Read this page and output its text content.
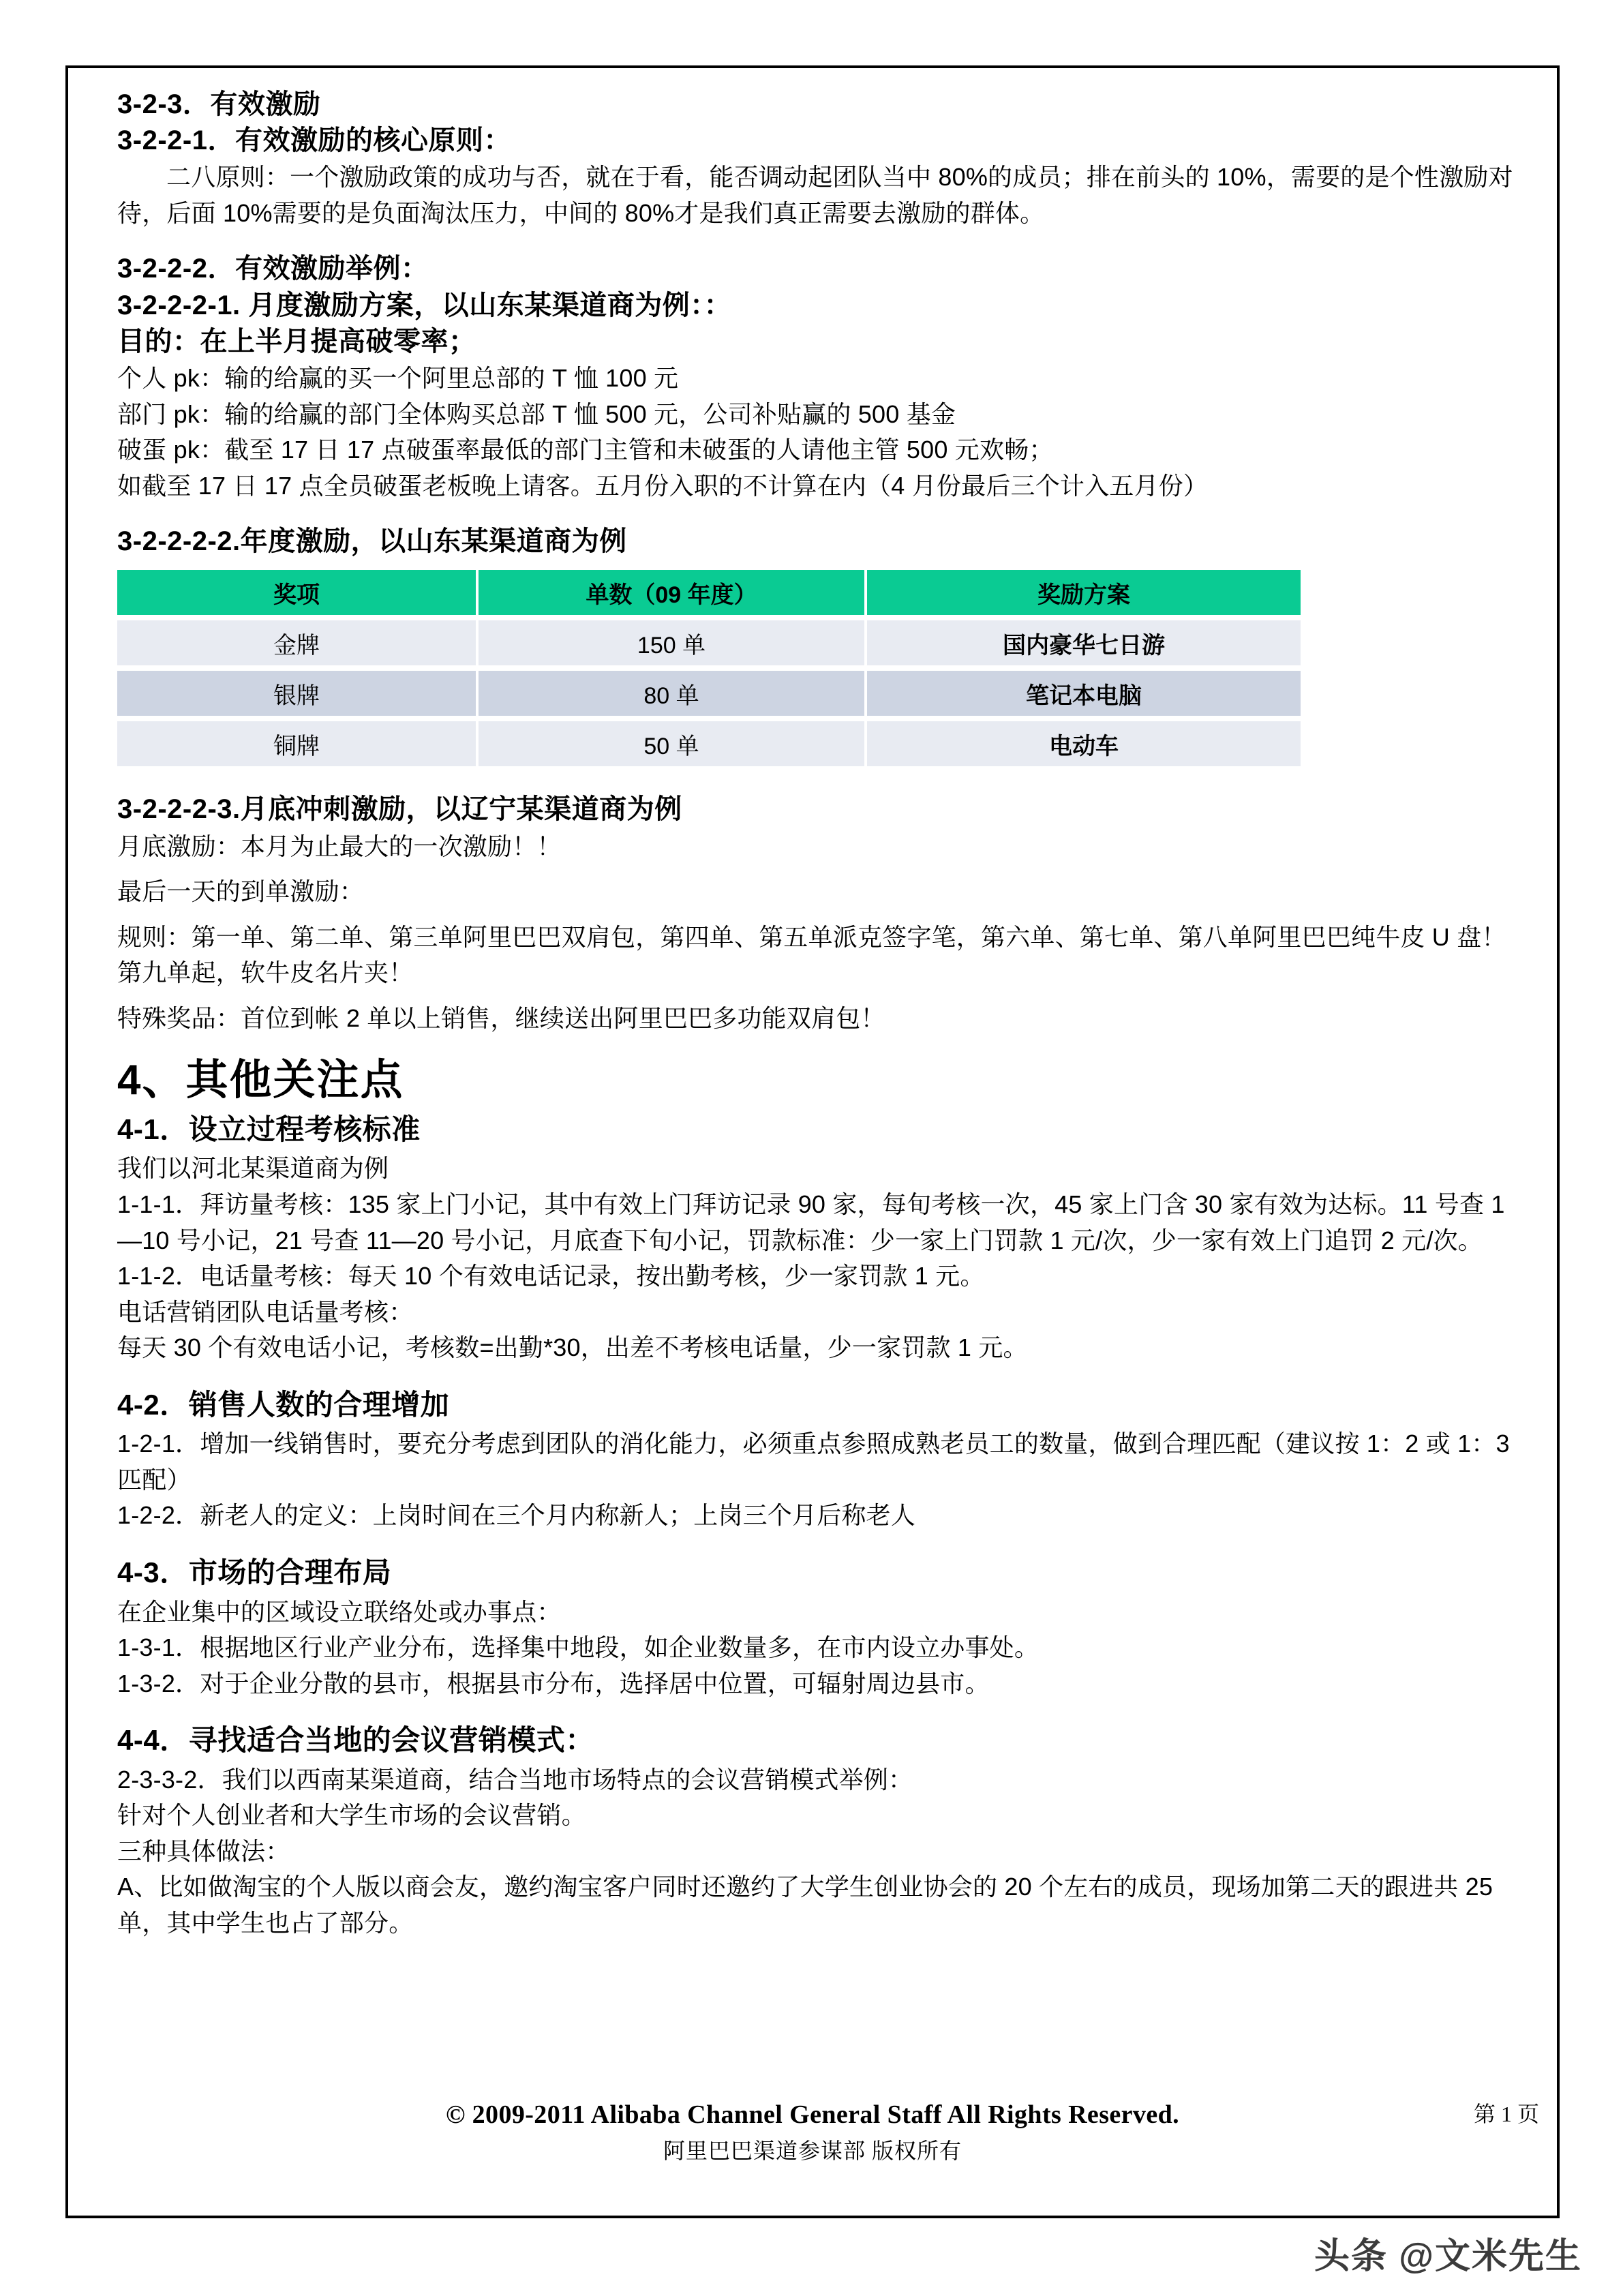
3-2-3．有效激励
3-2-2-1．有效激励的核心原则：

二八原则：一个激励政策的成功与否，就在于看，能否调动起团队当中 80%的成员；排在前头的 10%，需要的是个性激励对待，后面 10%需要的是负面淘汰压力，中间的 80%才是我们真正需要去激励的群体。

3-2-2-2．有效激励举例：
3-2-2-2-1. 月度激励方案，以山东某渠道商为例：：
目的：在上半月提高破零率；

个人 pk：输的给赢的买一个阿里总部的 T 恤 100 元

部门 pk：输的给赢的部门全体购买总部 T 恤 500 元，公司补贴赢的 500 基金

破蛋 pk：截至 17 日 17 点破蛋率最低的部门主管和未破蛋的人请他主管 500 元欢畅；

如截至 17 日 17 点全员破蛋老板晚上请客。五月份入职的不计算在内（4 月份最后三个计入五月份）

3-2-2-2-2.年度激励，以山东某渠道商为例
奖项	单数（09 年度）	奖励方案

金牌	150 单	国内豪华七日游

银牌	80 单	笔记本电脑

铜牌	50 单	电动车
3-2-2-2-3.月底冲刺激励，以辽宁某渠道商为例

月底激励：本月为止最大的一次激励！！

最后一天的到单激励：

规则：第一单、第二单、第三单阿里巴巴双肩包，第四单、第五单派克签字笔，第六单、第七单、第八单阿里巴巴纯牛皮 U 盘！第九单起，软牛皮名片夹！

特殊奖品：首位到帐 2 单以上销售，继续送出阿里巴巴多功能双肩包！

4、其他关注点
4-1．设立过程考核标准

我们以河北某渠道商为例

1-1-1．拜访量考核：135 家上门小记，其中有效上门拜访记录 90 家，每旬考核一次，45 家上门含 30 家有效为达标。11 号查 1—10 号小记，21 号查 11—20 号小记，月底查下旬小记，罚款标准：少一家上门罚款 1 元/次，少一家有效上门追罚 2 元/次。

1-1-2．电话量考核：每天 10 个有效电话记录，按出勤考核，少一家罚款 1 元。

电话营销团队电话量考核：

每天 30 个有效电话小记，考核数=出勤*30，出差不考核电话量，少一家罚款 1 元。

4-2．销售人数的合理增加

1-2-1．增加一线销售时，要充分考虑到团队的消化能力，必须重点参照成熟老员工的数量，做到合理匹配（建议按 1：2 或 1：3 匹配）

1-2-2．新老人的定义：上岗时间在三个月内称新人；上岗三个月后称老人

4-3．市场的合理布局

在企业集中的区域设立联络处或办事点：

1-3-1．根据地区行业产业分布，选择集中地段，如企业数量多，在市内设立办事处。

1-3-2．对于企业分散的县市，根据县市分布，选择居中位置，可辐射周边县市。

4-4．寻找适合当地的会议营销模式：

2-3-3-2．我们以西南某渠道商，结合当地市场特点的会议营销模式举例：

针对个人创业者和大学生市场的会议营销。

三种具体做法：

A、比如做淘宝的个人版以商会友，邀约淘宝客户同时还邀约了大学生创业协会的 20 个左右的成员，现场加第二天的跟进共 25 单，其中学生也占了部分。

© 2009-2011 Alibaba Channel General Staff All Rights Reserved.
阿里巴巴渠道参谋部 版权所有
第 1 页
头条 @文米先生
